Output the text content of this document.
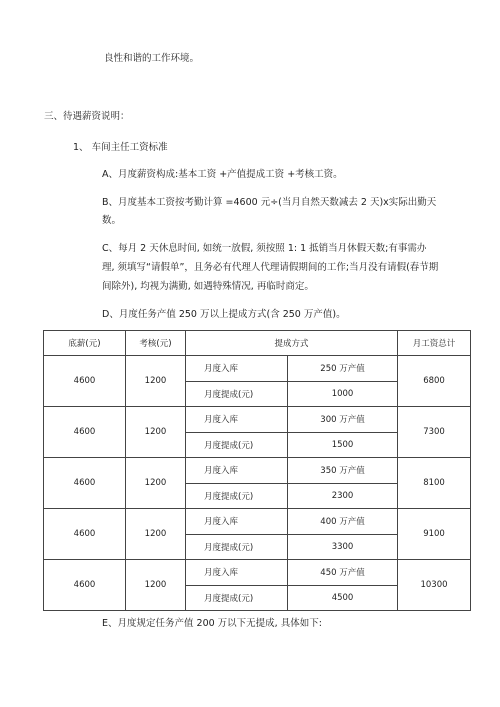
良性和谐的工作环境。
三、待遇薪资说明：
1、 车间主任工资标准
A、月度薪资构成:基本工资 +产值提成工资 +考核工资。
B、月度基本工资按考勤计算 =4600 元÷(当月自然天数减去 2 天)x实际出勤天
数。
C、每月 2 天休息时间, 如统一放假, 须按照 1: 1 抵销当月休假天数;有事需办
理, 须填写“请假单”，且务必有代理人代理请假期间的工作;当月没有请假(春节期
间除外), 均视为满勤, 如遇特殊情况, 再临时商定。
D、月度任务产值 250 万以上提成方式(含 250 万产值)。
底薪(元)	考核(元)	提成方式		月工资总计
4600	1200	月度入库	250 万产值	6800
		月度提成(元)	1000	
4600	1200	月度入库	300 万产值	7300
		月度提成(元)	1500	
4600	1200	月度入库	350 万产值	8100
		月度提成(元)	2300	
4600	1200	月度入库	400 万产值	9100
		月度提成(元)	3300	
4600	1200	月度入库	450 万产值	10300
		月度提成(元)	4500	
E、月度规定任务产值 200 万以下无提成, 具体如下:
